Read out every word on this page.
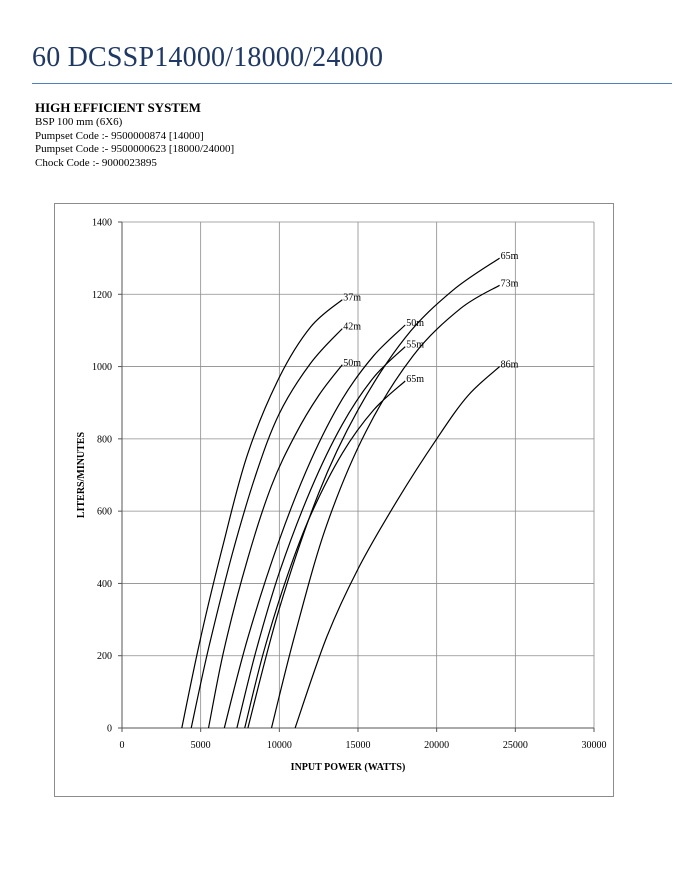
60 DCSSP14000/18000/24000
HIGH EFFICIENT SYSTEM
BSP 100 mm (6X6)
Pumpset Code :- 9500000874 [14000]
Pumpset Code :- 9500000623 [18000/24000]
Chock Code :- 9000023895
0
200
400
600
800
1000
1200
1400
0	5000	10000	15000	20000	25000	30000
INPUT POWER (WATTS)
LITERS/MINUTES
37m
42m
50m
50m
55m
65m
65m
73m
86m
